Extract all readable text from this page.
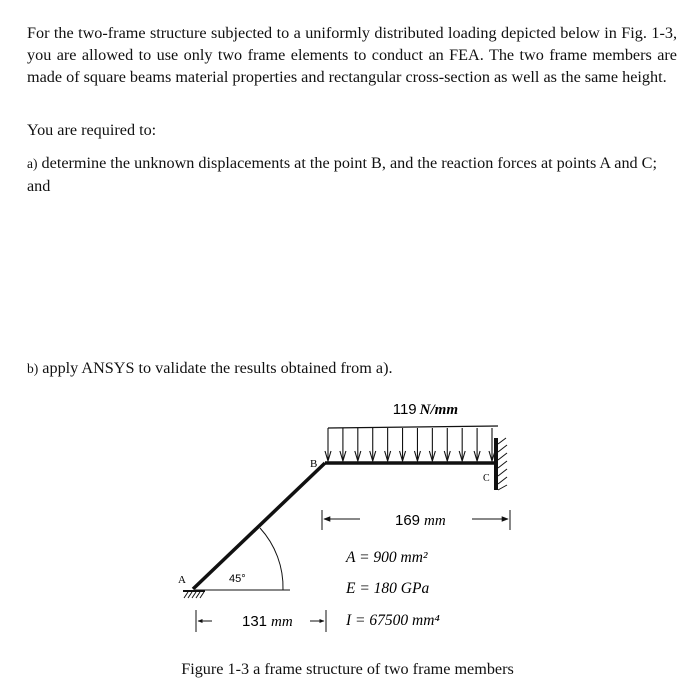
For the two-frame structure subjected to a uniformly distributed loading depicted below in Fig. 1-3, you are allowed to use only two frame elements to conduct an FEA. The two frame members are made of square beams material properties and rectangular cross-section as well as the same height.

You are required to:

a) determine the unknown displacements at the point B, and the reaction forces at points A and C; and

b) apply ANSYS to validate the results obtained from a).

119 N/mm
B
C
A	45°
169 mm
131 mm
A = 900 mm²
E = 180 GPa
I = 67500 mm⁴
Figure 1-3 a frame structure of two frame members
